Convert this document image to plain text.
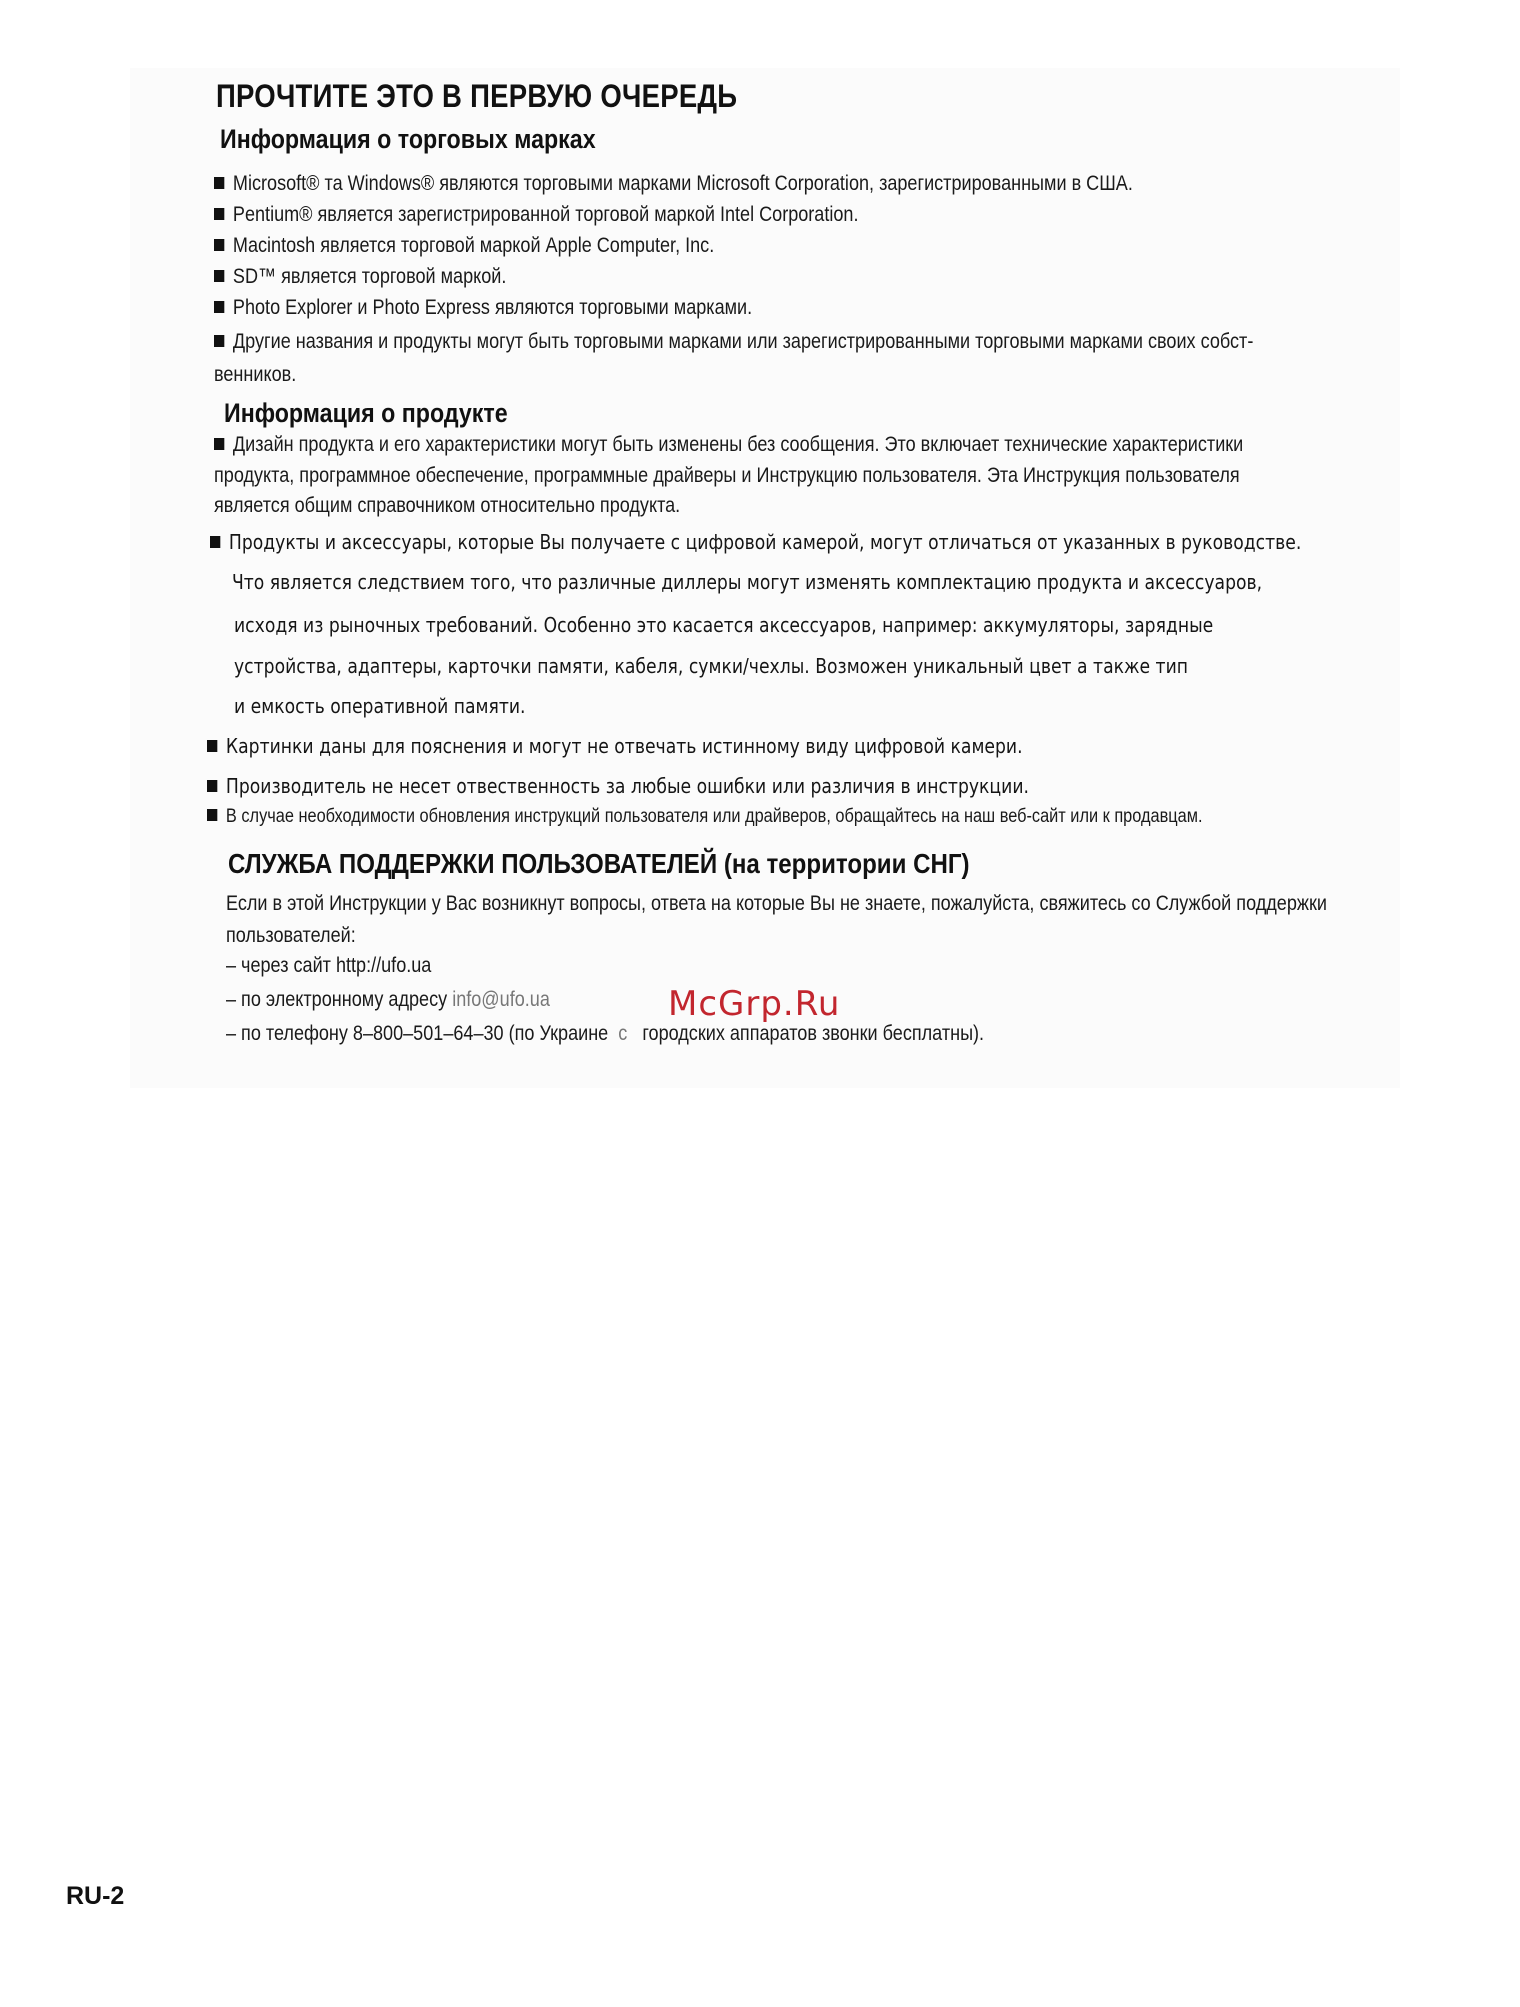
ПРОЧТИТЕ ЭТО В ПЕРВУЮ ОЧЕРЕДЬ
Информация о торговых марках

Microsoft® та Windows® являются торговыми марками Microsoft Corporation, зарегистрированными в США.

Pentium® является зарегистрированной торговой маркой Intel Corporation.

Macintosh является торговой маркой Apple Computer, Inc.

SD™ является торговой маркой.

Photo Explorer и Photo Express являются торговыми марками.

Другие названия и продукты могут быть торговыми марками или зарегистрированными торговыми марками своих собст-

венников.

Информация о продукте

Дизайн продукта и его характеристики могут быть изменены без сообщения. Это включает технические характеристики

продукта, программное обеспечение, программные драйверы и Инструкцию пользователя. Эта Инструкция пользователя

является общим справочником относительно продукта.

Продукты и аксессуары, которые Вы получаете с цифровой камерой, могут отличаться от указанных в руководстве.

Что является следствием того, что различные диллеры могут изменять комплектацию продукта и аксессуаров,

исходя из рыночных требований. Особенно это касается аксессуаров, например: аккумуляторы, зарядные

устройства, адаптеры, карточки памяти, кабеля, сумки/чехлы. Возможен уникальный цвет а также тип

и емкость оперативной памяти.

Картинки даны для пояснения и могут не отвечать истинному виду цифровой камери.

Производитель не несет отвественность за любые ошибки или различия в инструкции.

В случае необходимости обновления инструкций пользователя или драйверов, обращайтесь на наш веб-сайт или к продавцам.

СЛУЖБА ПОДДЕРЖКИ ПОЛЬЗОВАТЕЛЕЙ (на территории СНГ)

Если в этой Инструкции у Вас возникнут вопросы, ответа на которые Вы не знаете, пожалуйста, свяжитесь со Службой поддержки

пользователей:

– через сайт http://ufo.ua

– по электронному адресу info@ufo.ua

– по телефону 8–800–501–64–30 (по Украине с городских аппаратов звонки бесплатны).

McGrp.Ru

RU-2
